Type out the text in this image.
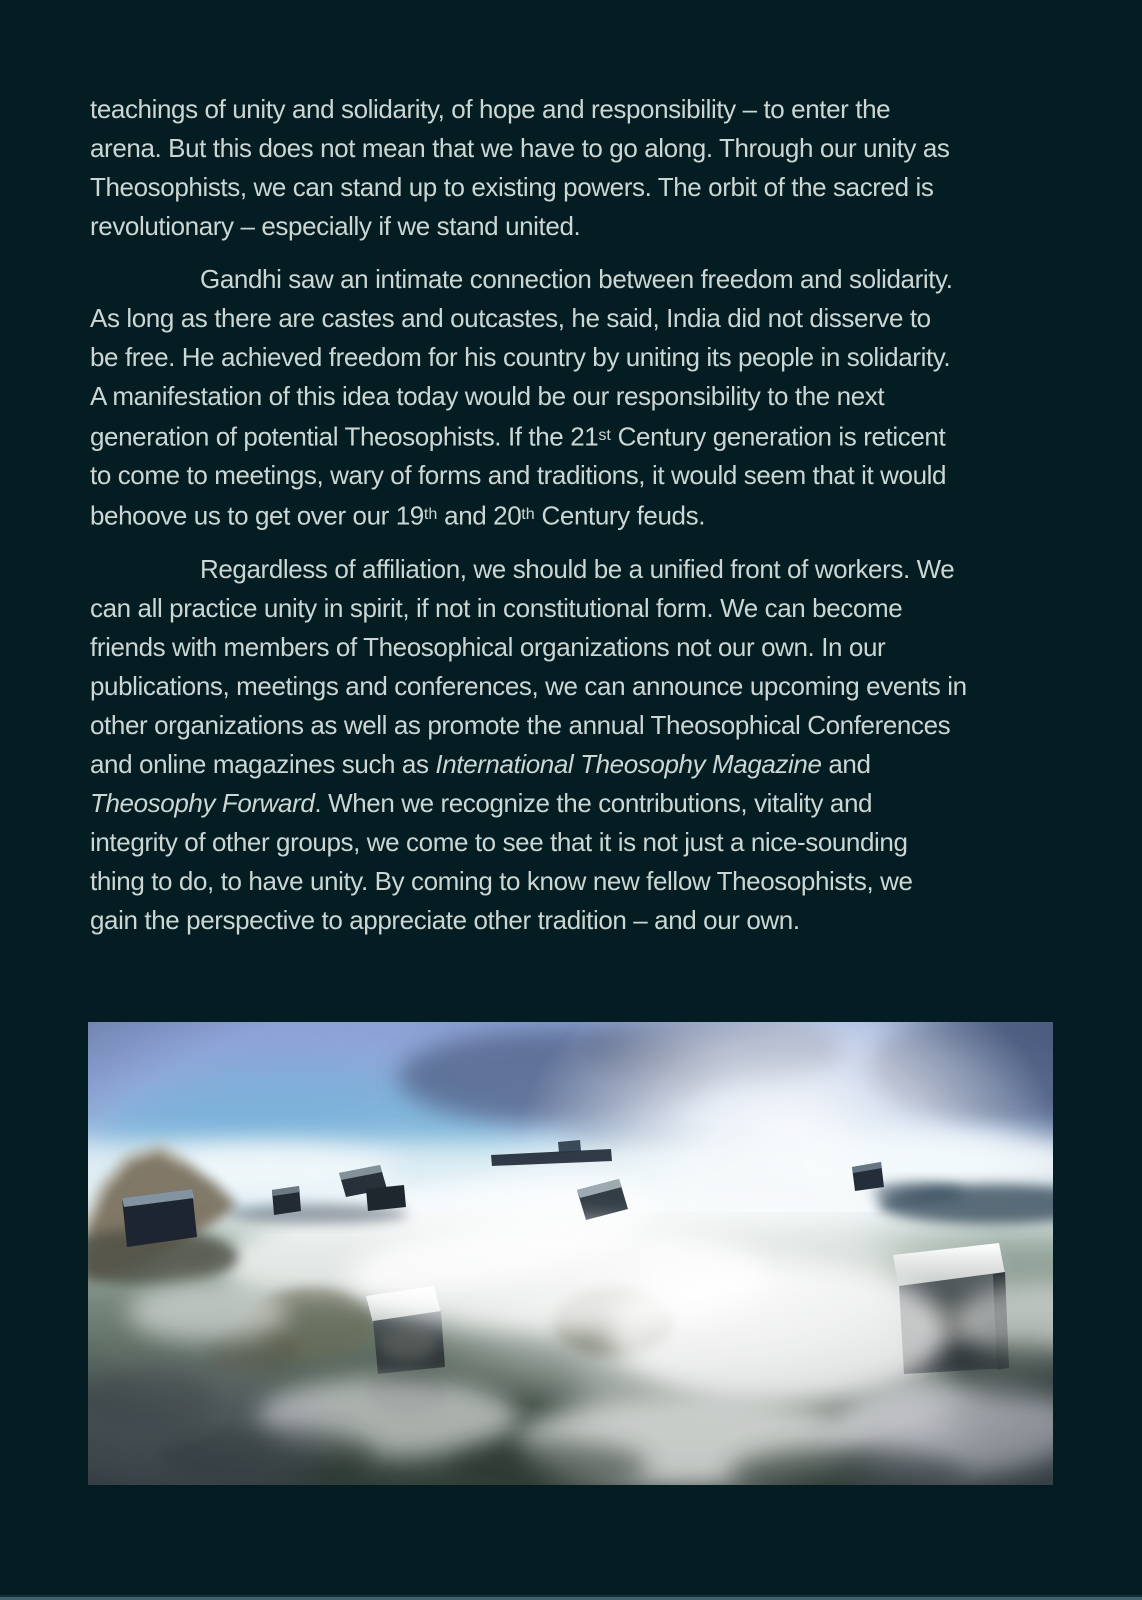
teachings of unity and solidarity, of hope and responsibility – to enter the
arena. But this does not mean that we have to go along. Through our unity as
Theosophists, we can stand up to existing powers. The orbit of the sacred is
revolutionary – especially if we stand united.
Gandhi saw an intimate connection between freedom and solidarity.
As long as there are castes and outcastes, he said, India did not disserve to
be free. He achieved freedom for his country by uniting its people in solidarity.
A manifestation of this idea today would be our responsibility to the next
generation of potential Theosophists. If the 21st Century generation is reticent
to come to meetings, wary of forms and traditions, it would seem that it would
behoove us to get over our 19th and 20th Century feuds.
Regardless of affiliation, we should be a unified front of workers. We
can all practice unity in spirit, if not in constitutional form. We can become
friends with members of Theosophical organizations not our own. In our
publications, meetings and conferences, we can announce upcoming events in
other organizations as well as promote the annual Theosophical Conferences
and online magazines such as International Theosophy Magazine and
Theosophy Forward. When we recognize the contributions, vitality and
integrity of other groups, we come to see that it is not just a nice-sounding
thing to do, to have unity. By coming to know new fellow Theosophists, we
gain the perspective to appreciate other tradition – and our own.
